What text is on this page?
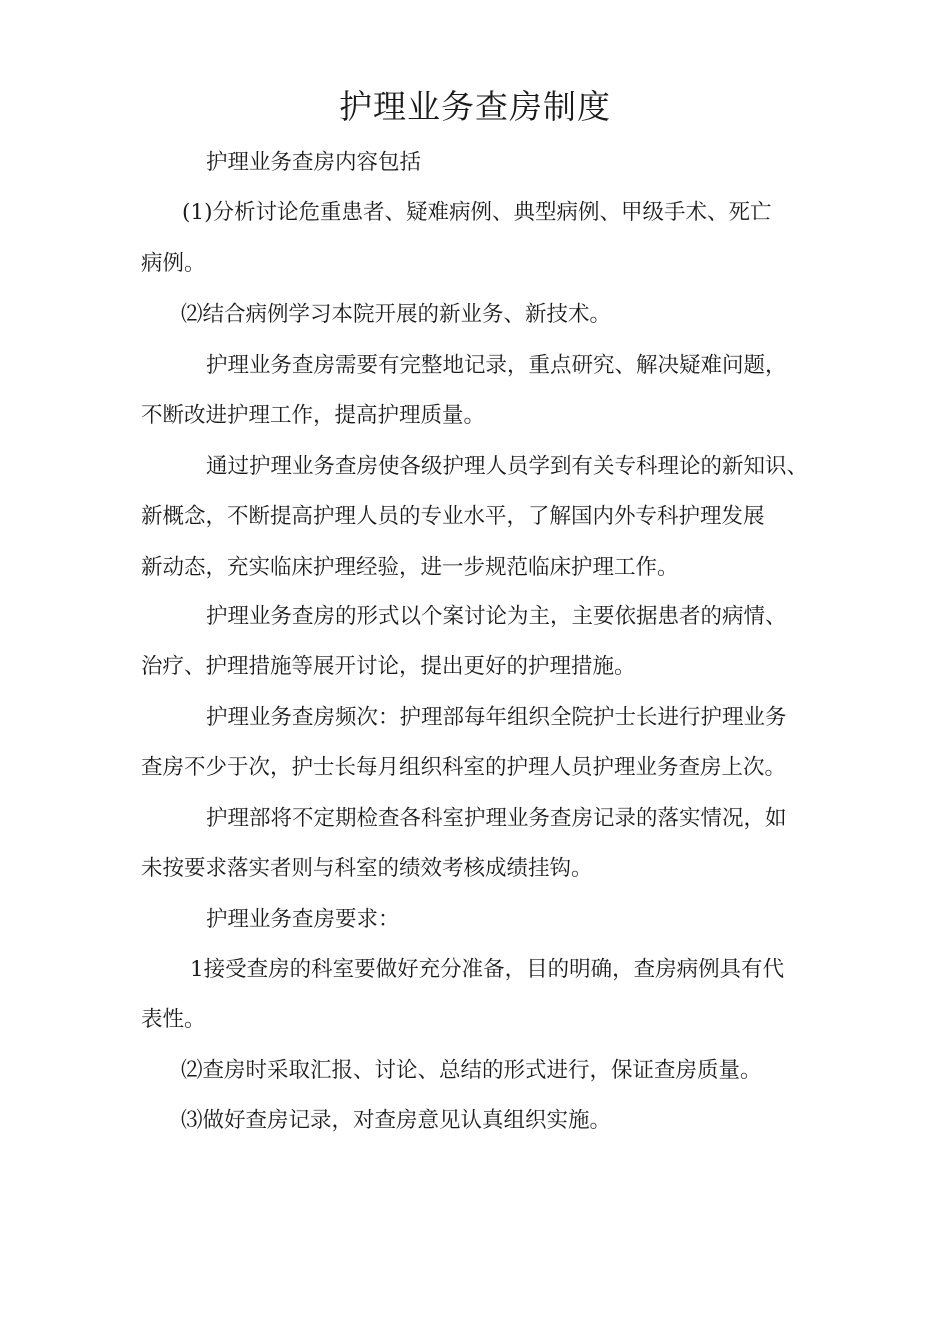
护理业务查房制度
护理业务查房内容包括
(1)分析讨论危重患者、疑难病例、典型病例、甲级手术、死亡
病例。
⑵结合病例学习本院开展的新业务、新技术。
护理业务查房需要有完整地记录，重点研究、解决疑难问题，
不断改进护理工作，提高护理质量。
通过护理业务查房使各级护理人员学到有关专科理论的新知识、
新概念，不断提高护理人员的专业水平，了解国内外专科护理发展
新动态，充实临床护理经验，进一步规范临床护理工作。
护理业务查房的形式以个案讨论为主，主要依据患者的病情、
治疗、护理措施等展开讨论，提出更好的护理措施。
护理业务查房频次：护理部每年组织全院护士长进行护理业务
查房不少于次，护士长每月组织科室的护理人员护理业务查房上次。
护理部将不定期检查各科室护理业务查房记录的落实情况，如
未按要求落实者则与科室的绩效考核成绩挂钩。
护理业务查房要求：
1接受查房的科室要做好充分准备，目的明确，查房病例具有代
表性。
⑵查房时采取汇报、讨论、总结的形式进行，保证查房质量。
⑶做好查房记录，对查房意见认真组织实施。
